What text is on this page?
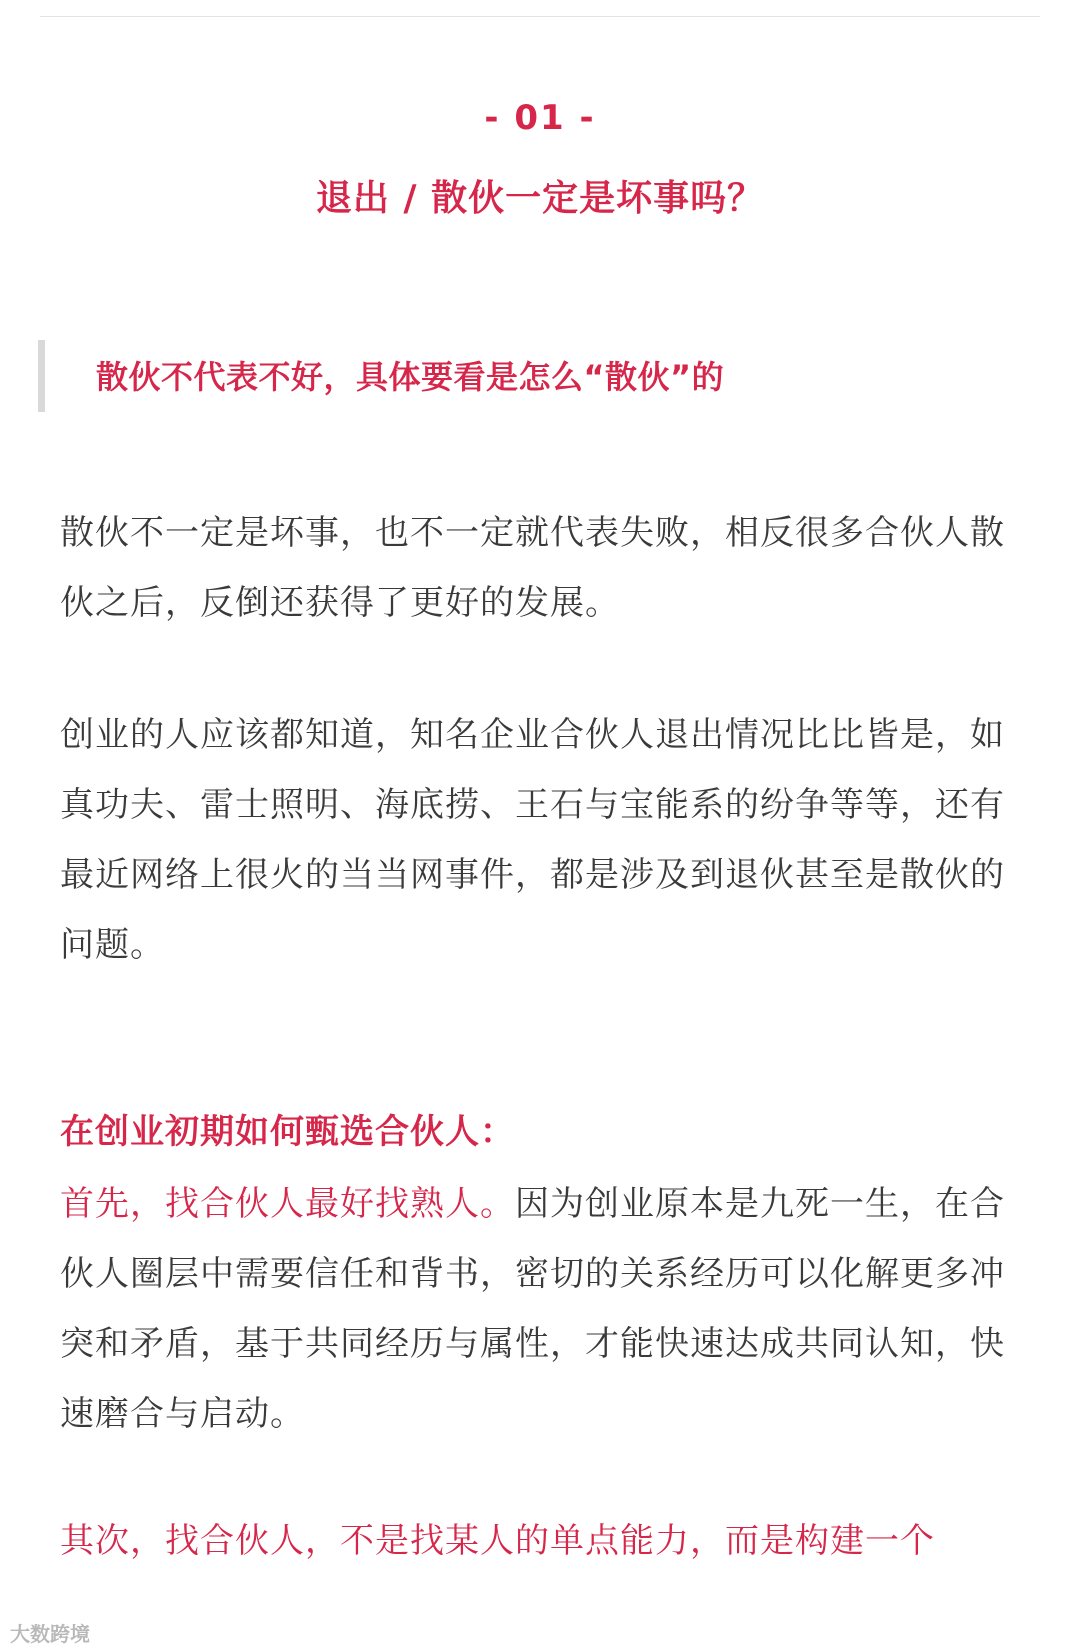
- 01 -
退出 / 散伙一定是坏事吗？
散伙不代表不好，具体要看是怎么“散伙”的

散伙不一定是坏事，也不一定就代表失败，相反很多合伙人散伙之后，反倒还获得了更好的发展。

创业的人应该都知道，知名企业合伙人退出情况比比皆是，如真功夫、雷士照明、海底捞、王石与宝能系的纷争等等，还有最近网络上很火的当当网事件，都是涉及到退伙甚至是散伙的问题。

在创业初期如何甄选合伙人：

首先，找合伙人最好找熟人。因为创业原本是九死一生，在合伙人圈层中需要信任和背书，密切的关系经历可以化解更多冲突和矛盾，基于共同经历与属性，才能快速达成共同认知，快速磨合与启动。

其次，找合伙人，不是找某人的单点能力，而是构建一个

大数跨境
